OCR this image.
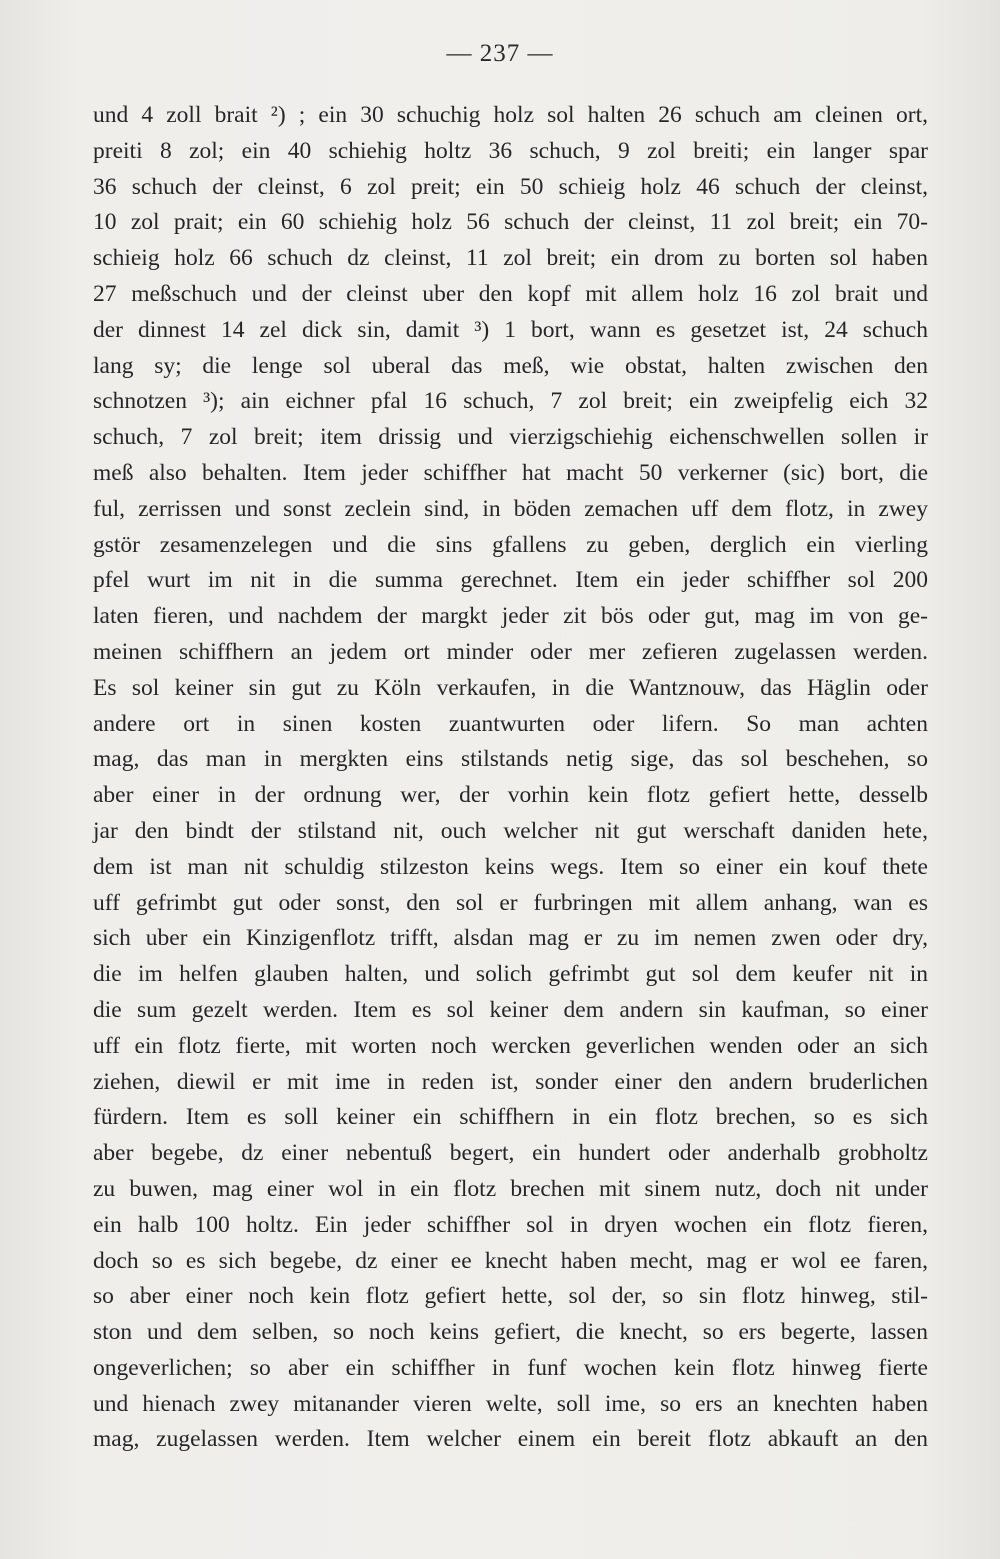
— 237 —
und 4 zoll brait ²) ; ein 30 schuchig holz sol halten 26 schuch am cleinen ort,
preiti 8 zol; ein 40 schiehig holtz 36 schuch, 9 zol breiti; ein langer spar
36 schuch der cleinst, 6 zol preit; ein 50 schieig holz 46 schuch der cleinst,
10 zol prait; ein 60 schiehig holz 56 schuch der cleinst, 11 zol breit; ein 70-
schieig holz 66 schuch dz cleinst, 11 zol breit; ein drom zu borten sol haben
27 meßschuch und der cleinst uber den kopf mit allem holz 16 zol brait und
der dinnest 14 zel dick sin, damit ³) 1 bort, wann es gesetzet ist, 24 schuch
lang sy; die lenge sol uberal das meß, wie obstat, halten zwischen den
schnotzen ³); ain eichner pfal 16 schuch, 7 zol breit; ein zweipfelig eich 32
schuch, 7 zol breit; item drissig und vierzigschiehig eichenschwellen sollen ir
meß also behalten. Item jeder schiffher hat macht 50 verkerner (sic) bort, die
ful, zerrissen und sonst zeclein sind, in böden zemachen uff dem flotz, in zwey
gstör zesamenzelegen und die sins gfallens zu geben, derglich ein vierling
pfel wurt im nit in die summa gerechnet. Item ein jeder schiffher sol 200
laten fieren, und nachdem der margkt jeder zit bös oder gut, mag im von ge-
meinen schiffhern an jedem ort minder oder mer zefieren zugelassen werden.
Es sol keiner sin gut zu Köln verkaufen, in die Wantznouw, das Häglin oder
andere ort in sinen kosten zuantwurten oder lifern. So man achten
mag, das man in mergkten eins stilstands netig sige, das sol beschehen, so
aber einer in der ordnung wer, der vorhin kein flotz gefiert hette, desselb
jar den bindt der stilstand nit, ouch welcher nit gut werschaft daniden hete,
dem ist man nit schuldig stilzeston keins wegs. Item so einer ein kouf thete
uff gefrimbt gut oder sonst, den sol er furbringen mit allem anhang, wan es
sich uber ein Kinzigenflotz trifft, alsdan mag er zu im nemen zwen oder dry,
die im helfen glauben halten, und solich gefrimbt gut sol dem keufer nit in
die sum gezelt werden. Item es sol keiner dem andern sin kaufman, so einer
uff ein flotz fierte, mit worten noch wercken geverlichen wenden oder an sich
ziehen, diewil er mit ime in reden ist, sonder einer den andern bruderlichen
fürdern. Item es soll keiner ein schiffhern in ein flotz brechen, so es sich
aber begebe, dz einer nebentuß begert, ein hundert oder anderhalb grobholtz
zu buwen, mag einer wol in ein flotz brechen mit sinem nutz, doch nit under
ein halb 100 holtz. Ein jeder schiffher sol in dryen wochen ein flotz fieren,
doch so es sich begebe, dz einer ee knecht haben mecht, mag er wol ee faren,
so aber einer noch kein flotz gefiert hette, sol der, so sin flotz hinweg, stil-
ston und dem selben, so noch keins gefiert, die knecht, so ers begerte, lassen
ongeverlichen; so aber ein schiffher in funf wochen kein flotz hinweg fierte
und hienach zwey mitanander vieren welte, soll ime, so ers an knechten haben
mag, zugelassen werden. Item welcher einem ein bereit flotz abkauft an den
